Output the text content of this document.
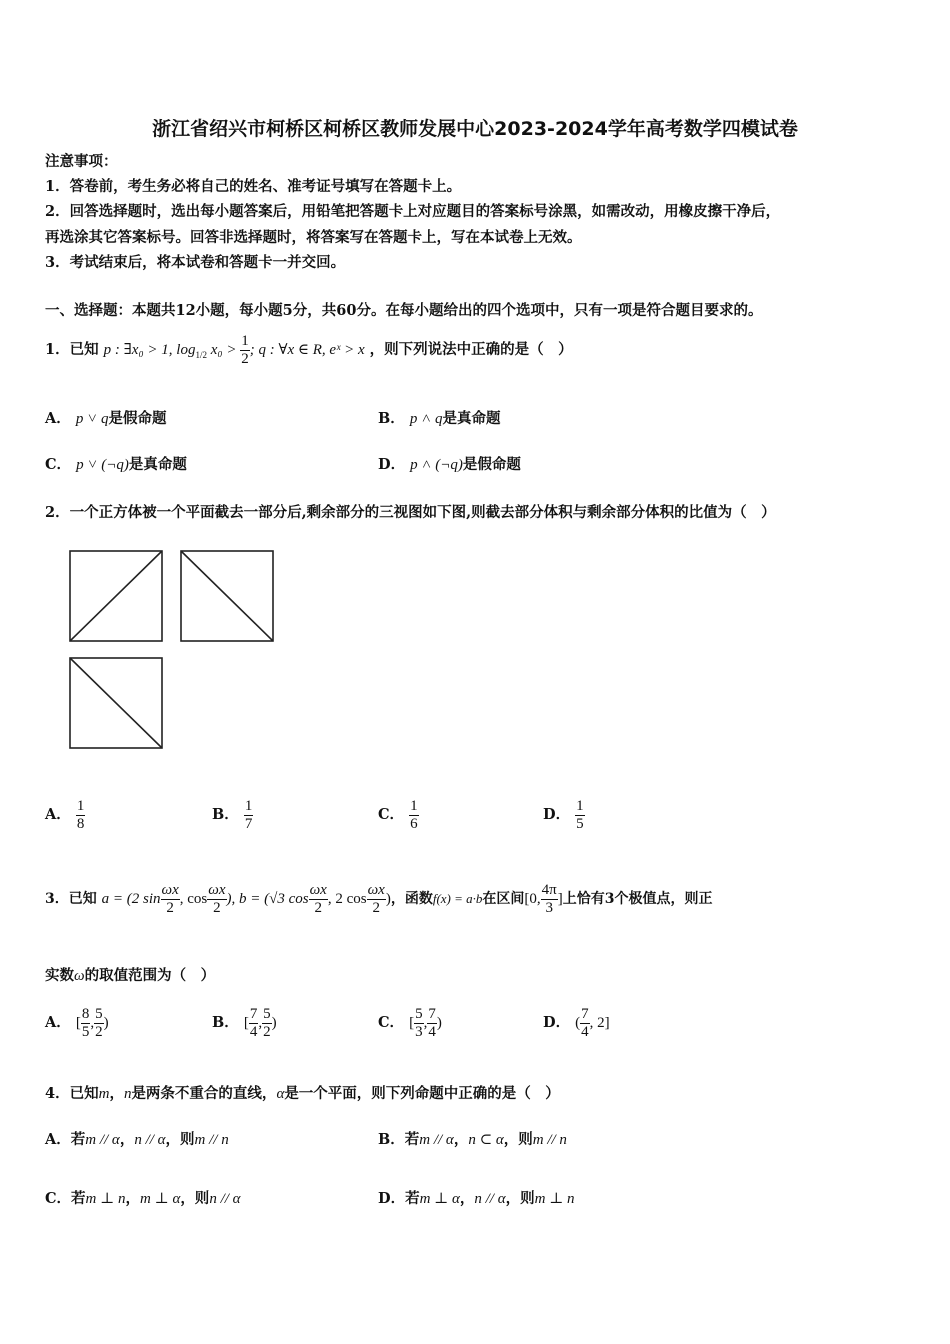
浙江省绍兴市柯桥区柯桥区教师发展中心2023-2024学年高考数学四模试卷
注意事项：
1．答卷前，考生务必将自己的姓名、准考证号填写在答题卡上。
2．回答选择题时，选出每小题答案后，用铅笔把答题卡上对应题目的答案标号涂黑，如需改动，用橡皮擦干净后，
再选涂其它答案标号。回答非选择题时，将答案写在答题卡上，写在本试卷上无效。
3．考试结束后，将本试卷和答题卡一并交回。
一、选择题：本题共12小题，每小题5分，共60分。在每小题给出的四个选项中，只有一项是符合题目要求的。
1．已知 p : ∃x₀ > 1, $\log_{1/2} x_0 > \frac{1}{2}$ ; q : ∀x ∈ R, eˣ > x ，则下列说法中正确的是（　）
A． p ˅ q是假命题	B． p ˄ q是真命题
C． p ˅ (¬q)是真命题	D． p ˄ (¬q)是假命题
2．一个正方体被一个平面截去一部分后,剩余部分的三视图如下图,则截去部分体积与剩余部分体积的比值为（　）
A． $\frac{1}{8}$	B． $\frac{1}{7}$	C． $\frac{1}{6}$	D． $\frac{1}{5}$
3．已知 a = (2 $\sin \frac{\omega x}{2}$ , $\cos \frac{\omega x}{2}$ ), b = (√3 $\cos \frac{\omega x}{2}$ , 2 $\cos \frac{\omega x}{2}$ )，函数f(x) = a·b在区间[0, $\frac{4\pi}{3}$ ]上恰有3个极值点，则正
实数ω的取值范围为（　）
A． [ $\frac{8}{5}$ , $\frac{5}{2}$ )	B． [ $\frac{7}{4}$ , $\frac{5}{2}$ )	C． [ $\frac{5}{3}$ , $\frac{7}{4}$ )	D． ( $\frac{7}{4}$ , 2]
4．已知m，n是两条不重合的直线，α是一个平面，则下列命题中正确的是（　）
A．若m // α，n // α，则m // n	B．若m // α，n ⊂ α，则m // n
C．若m ⊥ n，m ⊥ α，则n // α	D．若m ⊥ α，n // α，则m ⊥ n
